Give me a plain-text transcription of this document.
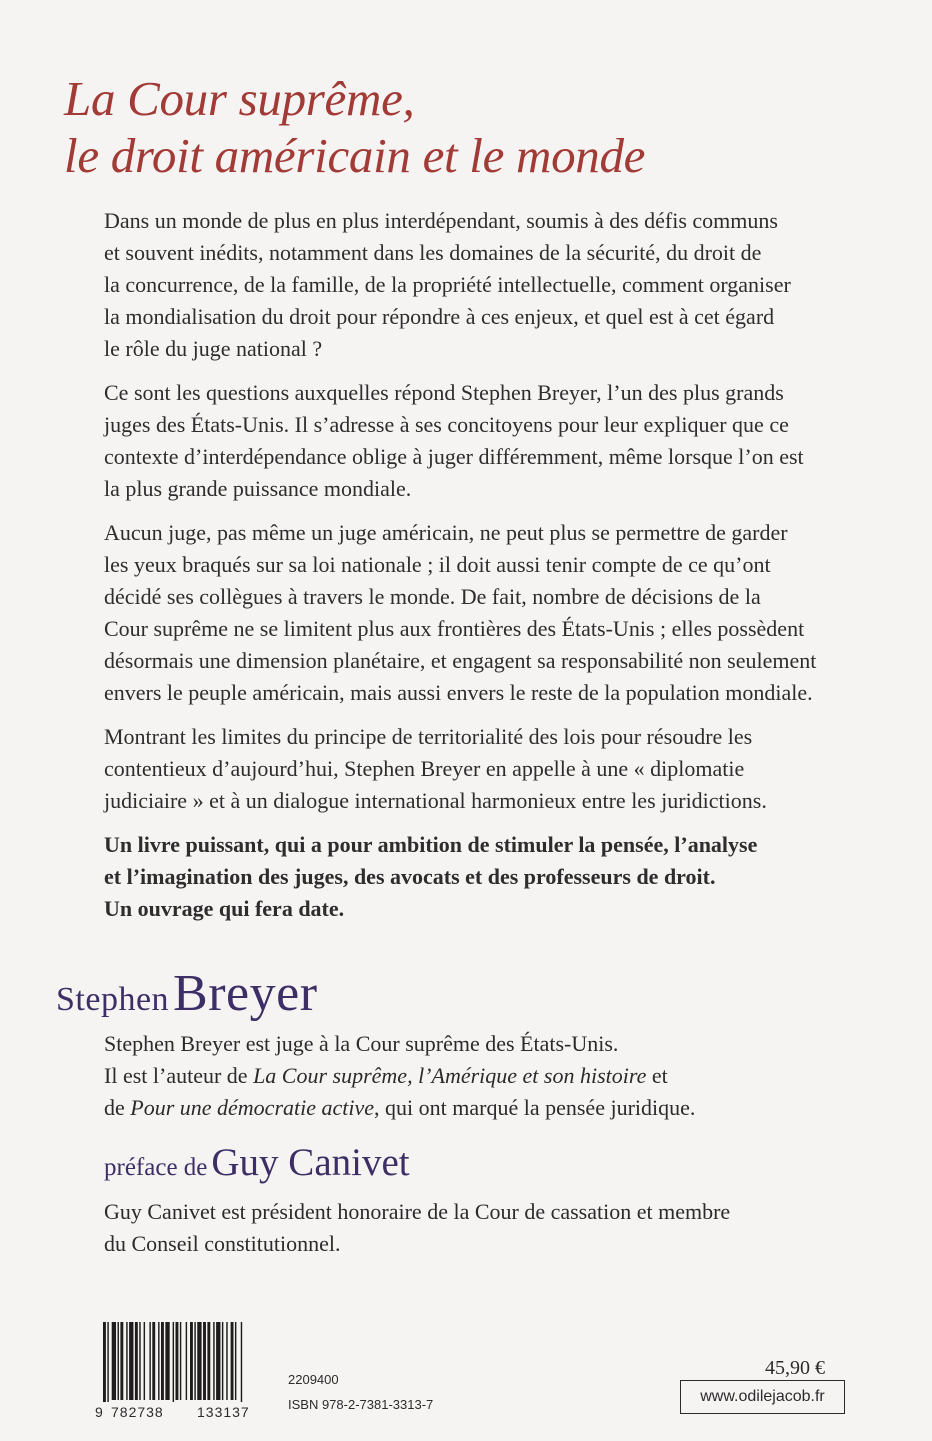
La Cour suprême,
le droit américain et le monde

Dans un monde de plus en plus interdépendant, soumis à des défis communs
et souvent inédits, notamment dans les domaines de la sécurité, du droit de
la concurrence, de la famille, de la propriété intellectuelle, comment organiser
la mondialisation du droit pour répondre à ces enjeux, et quel est à cet égard
le rôle du juge national ?

Ce sont les questions auxquelles répond Stephen Breyer, l’un des plus grands
juges des États-Unis. Il s’adresse à ses concitoyens pour leur expliquer que ce
contexte d’interdépendance oblige à juger différemment, même lorsque l’on est
la plus grande puissance mondiale.

Aucun juge, pas même un juge américain, ne peut plus se permettre de garder
les yeux braqués sur sa loi nationale ; il doit aussi tenir compte de ce qu’ont
décidé ses collègues à travers le monde. De fait, nombre de décisions de la
Cour suprême ne se limitent plus aux frontières des États-Unis ; elles possèdent
désormais une dimension planétaire, et engagent sa responsabilité non seulement
envers le peuple américain, mais aussi envers le reste de la population mondiale.

Montrant les limites du principe de territorialité des lois pour résoudre les
contentieux d’aujourd’hui, Stephen Breyer en appelle à une « diplomatie
judiciaire » et à un dialogue international harmonieux entre les juridictions.

Un livre puissant, qui a pour ambition de stimuler la pensée, l’analyse
et l’imagination des juges, des avocats et des professeurs de droit.
Un ouvrage qui fera date.

Stephen Breyer
Stephen Breyer est juge à la Cour suprême des États-Unis.
Il est l’auteur de La Cour suprême, l’Amérique et son histoire et
de Pour une démocratie active, qui ont marqué la pensée juridique.
préface de Guy Canivet
Guy Canivet est président honoraire de la Cour de cassation et membre
du Conseil constitutionnel.
9 782738 133137
2209400
ISBN 978-2-7381-3313-7
45,90 €
www.odilejacob.fr
